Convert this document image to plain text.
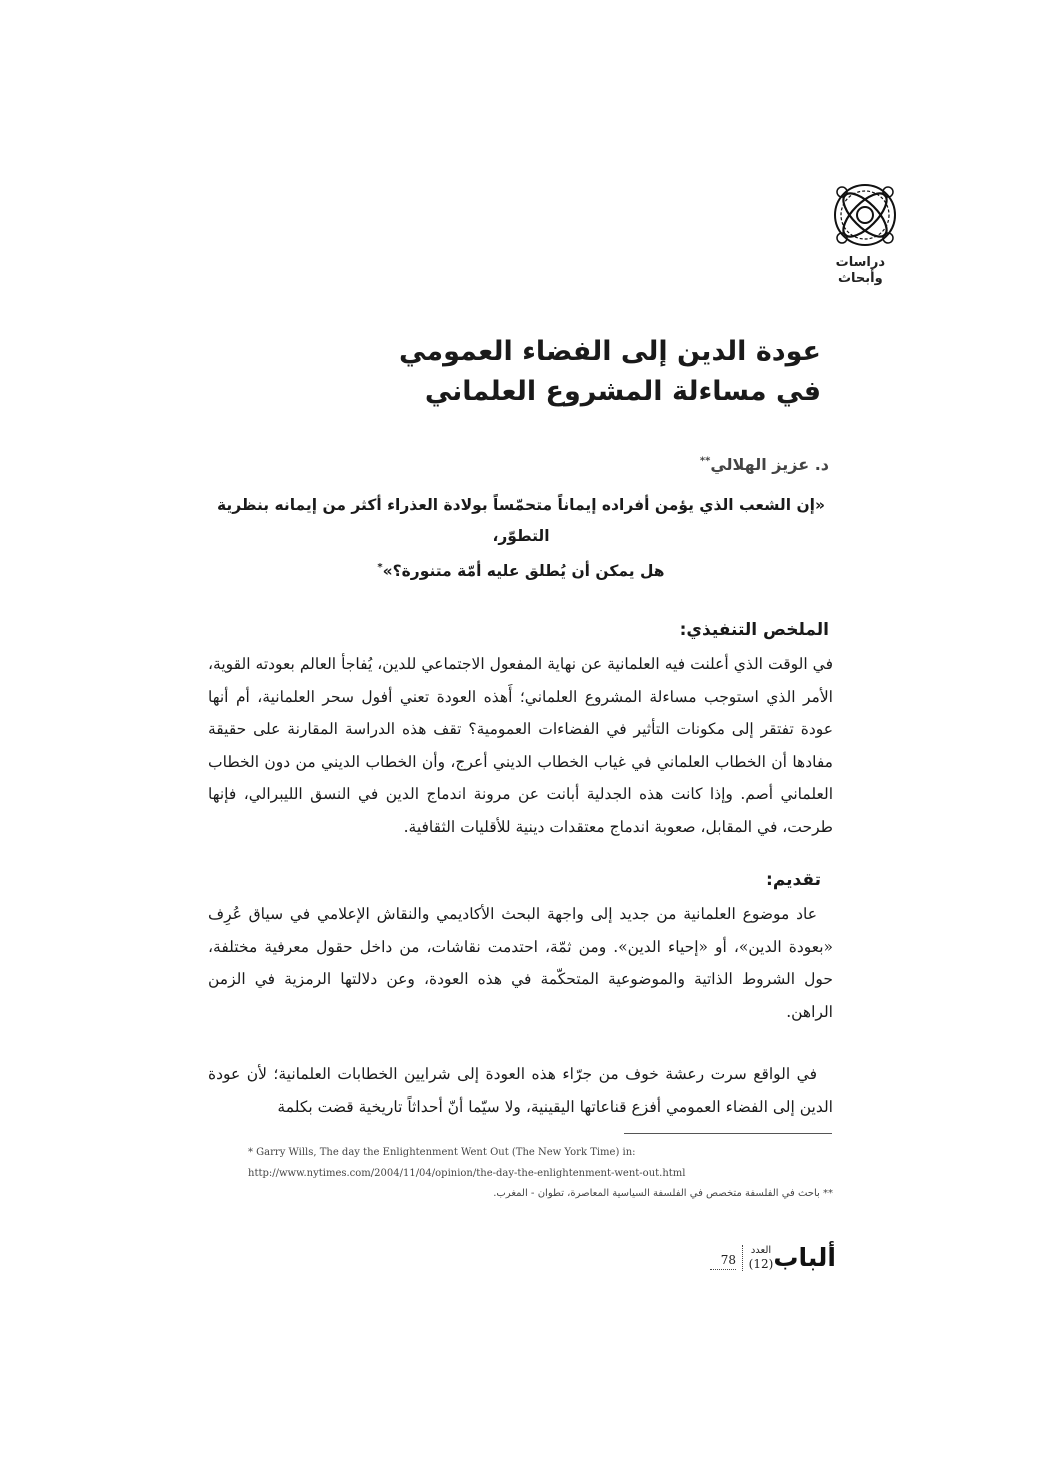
دراسات
وأبحاث
عودة الدين إلى الفضاء العمومي
في مساءلة المشروع العلماني
د. عزيز الهلالي**
«إن الشعب الذي يؤمن أفراده إيماناً متحمّساً بولادة العذراء أكثر من إيمانه بنظرية التطوّر،
هل يمكن أن يُطلق عليه أمّة متنورة؟»*
الملخص التنفيذي:
في الوقت الذي أعلنت فيه العلمانية عن نهاية المفعول الاجتماعي للدين، يُفاجأ العالم بعودته القوية، الأمر الذي استوجب مساءلة المشروع العلماني؛ أَهذه العودة تعني أفول سحر العلمانية، أم أنها عودة تفتقر إلى مكونات التأثير في الفضاءات العمومية؟ تقف هذه الدراسة المقارنة على حقيقة مفادها أن الخطاب العلماني في غياب الخطاب الديني أعرج، وأن الخطاب الديني من دون الخطاب العلماني أصم. وإذا كانت هذه الجدلية أبانت عن مرونة اندماج الدين في النسق الليبرالي، فإنها طرحت، في المقابل، صعوبة اندماج معتقدات دينية للأقليات الثقافية.
تقديم:
عاد موضوع العلمانية من جديد إلى واجهة البحث الأكاديمي والنقاش الإعلامي في سياق عُرِف «بعودة الدين»، أو «إحياء الدين». ومن ثمّة، احتدمت نقاشات، من داخل حقول معرفية مختلفة، حول الشروط الذاتية والموضوعية المتحكّمة في هذه العودة، وعن دلالتها الرمزية في الزمن الراهن.
في الواقع سرت رعشة خوف من جرّاء هذه العودة إلى شرايين الخطابات العلمانية؛ لأن عودة الدين إلى الفضاء العمومي أفزع قناعاتها اليقينية، ولا سيّما أنّ أحداثاً تاريخية قضت بكلمة
* Garry Wills, The day the Enlightenment Went Out (The New York Time) in: http://www.nytimes.com/2004/11/04/opinion/the-day-the-enlightenment-went-out.html
** باحث في الفلسفة متخصص في الفلسفة السياسية المعاصرة، تطوان - المغرب.
78
العدد
(12) ألباب
